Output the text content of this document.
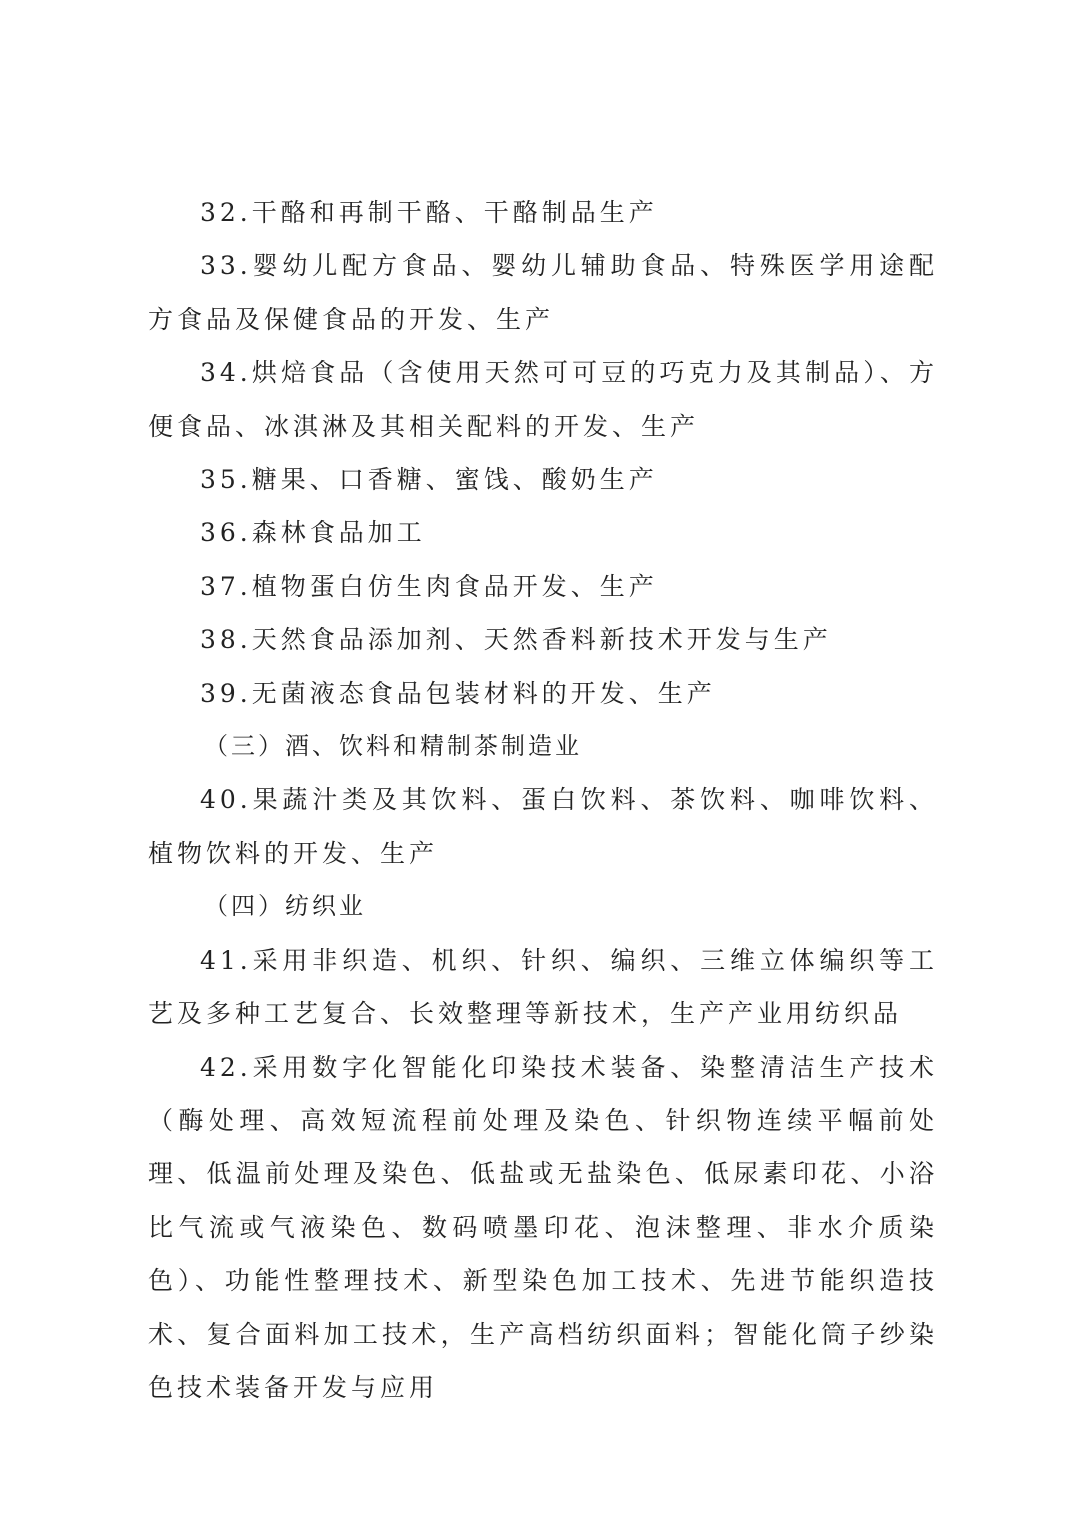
32.干酪和再制干酪、干酪制品生产

33.婴幼儿配方食品、婴幼儿辅助食品、特殊医学用途配方食品及保健食品的开发、生产

34.烘焙食品（含使用天然可可豆的巧克力及其制品）、方便食品、冰淇淋及其相关配料的开发、生产

35.糖果、口香糖、蜜饯、酸奶生产

36.森林食品加工

37.植物蛋白仿生肉食品开发、生产

38.天然食品添加剂、天然香料新技术开发与生产

39.无菌液态食品包装材料的开发、生产

（三）酒、饮料和精制茶制造业

40.果蔬汁类及其饮料、蛋白饮料、茶饮料、咖啡饮料、植物饮料的开发、生产

（四）纺织业

41.采用非织造、机织、针织、编织、三维立体编织等工艺及多种工艺复合、长效整理等新技术，生产产业用纺织品

42.采用数字化智能化印染技术装备、染整清洁生产技术（酶处理、高效短流程前处理及染色、针织物连续平幅前处理、低温前处理及染色、低盐或无盐染色、低尿素印花、小浴比气流或气液染色、数码喷墨印花、泡沫整理、非水介质染色）、功能性整理技术、新型染色加工技术、先进节能织造技术、复合面料加工技术，生产高档纺织面料；智能化筒子纱染色技术装备开发与应用
